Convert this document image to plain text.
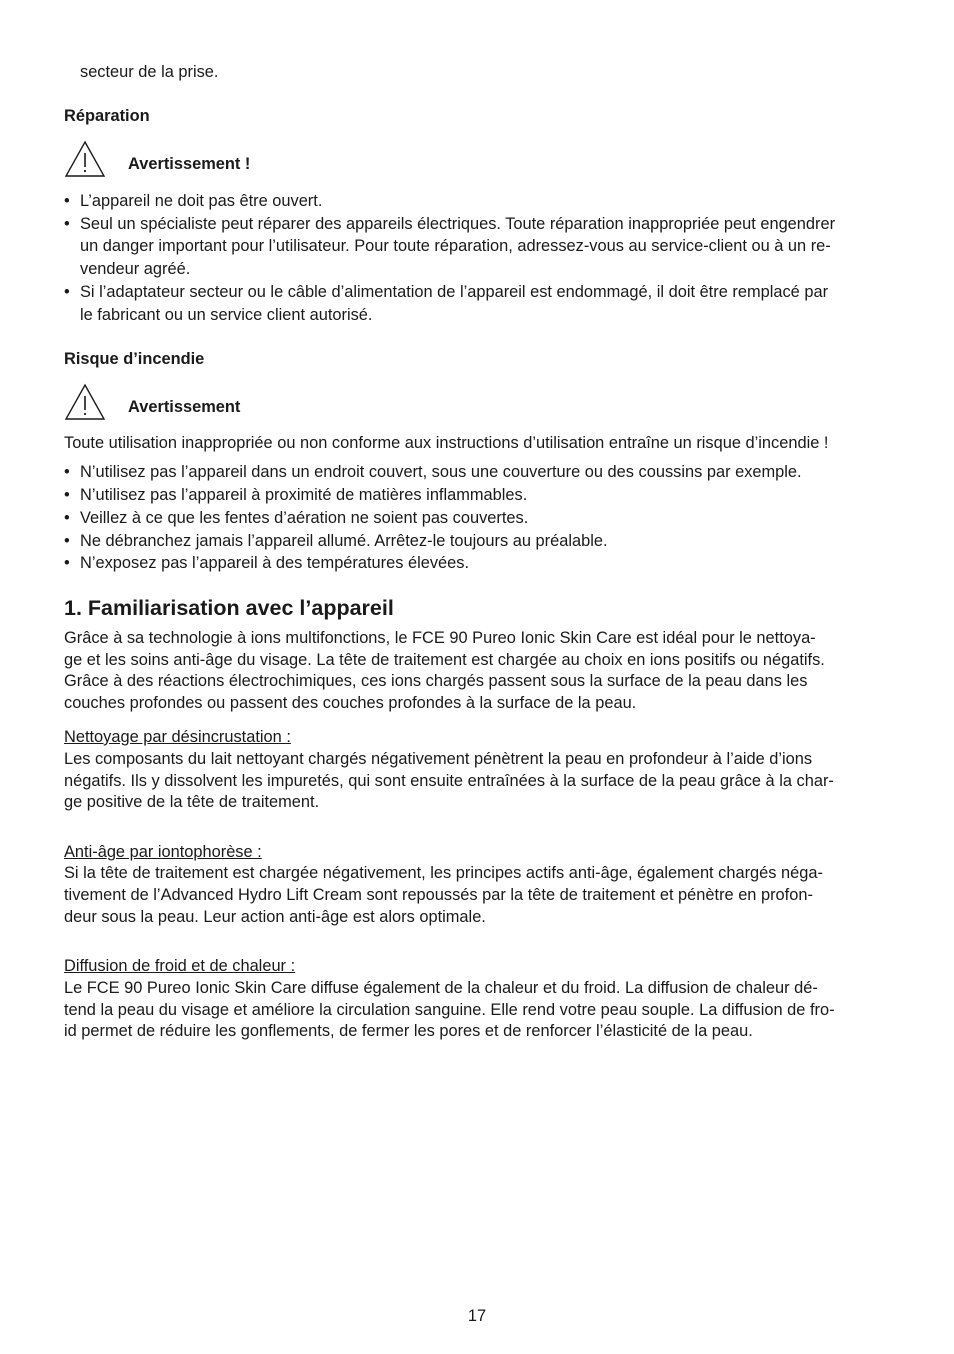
secteur de la prise.
Réparation
Avertissement !
• L’appareil ne doit pas être ouvert.
• Seul un spécialiste peut réparer des appareils électriques. Toute réparation inappropriée peut engendrer
un danger important pour l’utilisateur. Pour toute réparation, adressez-vous au service-client ou à un re-
vendeur agréé.
• Si l’adaptateur secteur ou le câble d’alimentation de l’appareil est endommagé, il doit être remplacé par
le fabricant ou un service client autorisé.
Risque d’incendie
Avertissement
Toute utilisation inappropriée ou non conforme aux instructions d’utilisation entraîne un risque d’incendie !
• N’utilisez pas l’appareil dans un endroit couvert, sous une couverture ou des coussins par exemple.
• N’utilisez pas l’appareil à proximité de matières inflammables.
• Veillez à ce que les fentes d’aération ne soient pas couvertes.
• Ne débranchez jamais l’appareil allumé. Arrêtez-le toujours au préalable.
• N’exposez pas l’appareil à des températures élevées.
1. Familiarisation avec l’appareil
Grâce à sa technologie à ions multifonctions, le FCE 90 Pureo Ionic Skin Care est idéal pour le nettoya-
ge et les soins anti-âge du visage. La tête de traitement est chargée au choix en ions positifs ou négatifs.
Grâce à des réactions électrochimiques, ces ions chargés passent sous la surface de la peau dans les
couches profondes ou passent des couches profondes à la surface de la peau.
Nettoyage par désincrustation :
Les composants du lait nettoyant chargés négativement pénètrent la peau en profondeur à l’aide d’ions
négatifs. Ils y dissolvent les impuretés, qui sont ensuite entraînées à la surface de la peau grâce à la char-
ge positive de la tête de traitement.
Anti-âge par iontophorèse :
Si la tête de traitement est chargée négativement, les principes actifs anti-âge, également chargés néga-
tivement de l’Advanced Hydro Lift Cream sont repoussés par la tête de traitement et pénètre en profon-
deur sous la peau. Leur action anti-âge est alors optimale.
Diffusion de froid et de chaleur :
Le FCE 90 Pureo Ionic Skin Care diffuse également de la chaleur et du froid. La diffusion de chaleur dé-
tend la peau du visage et améliore la circulation sanguine. Elle rend votre peau souple. La diffusion de fro-
id permet de réduire les gonflements, de fermer les pores et de renforcer l’élasticité de la peau.
17
